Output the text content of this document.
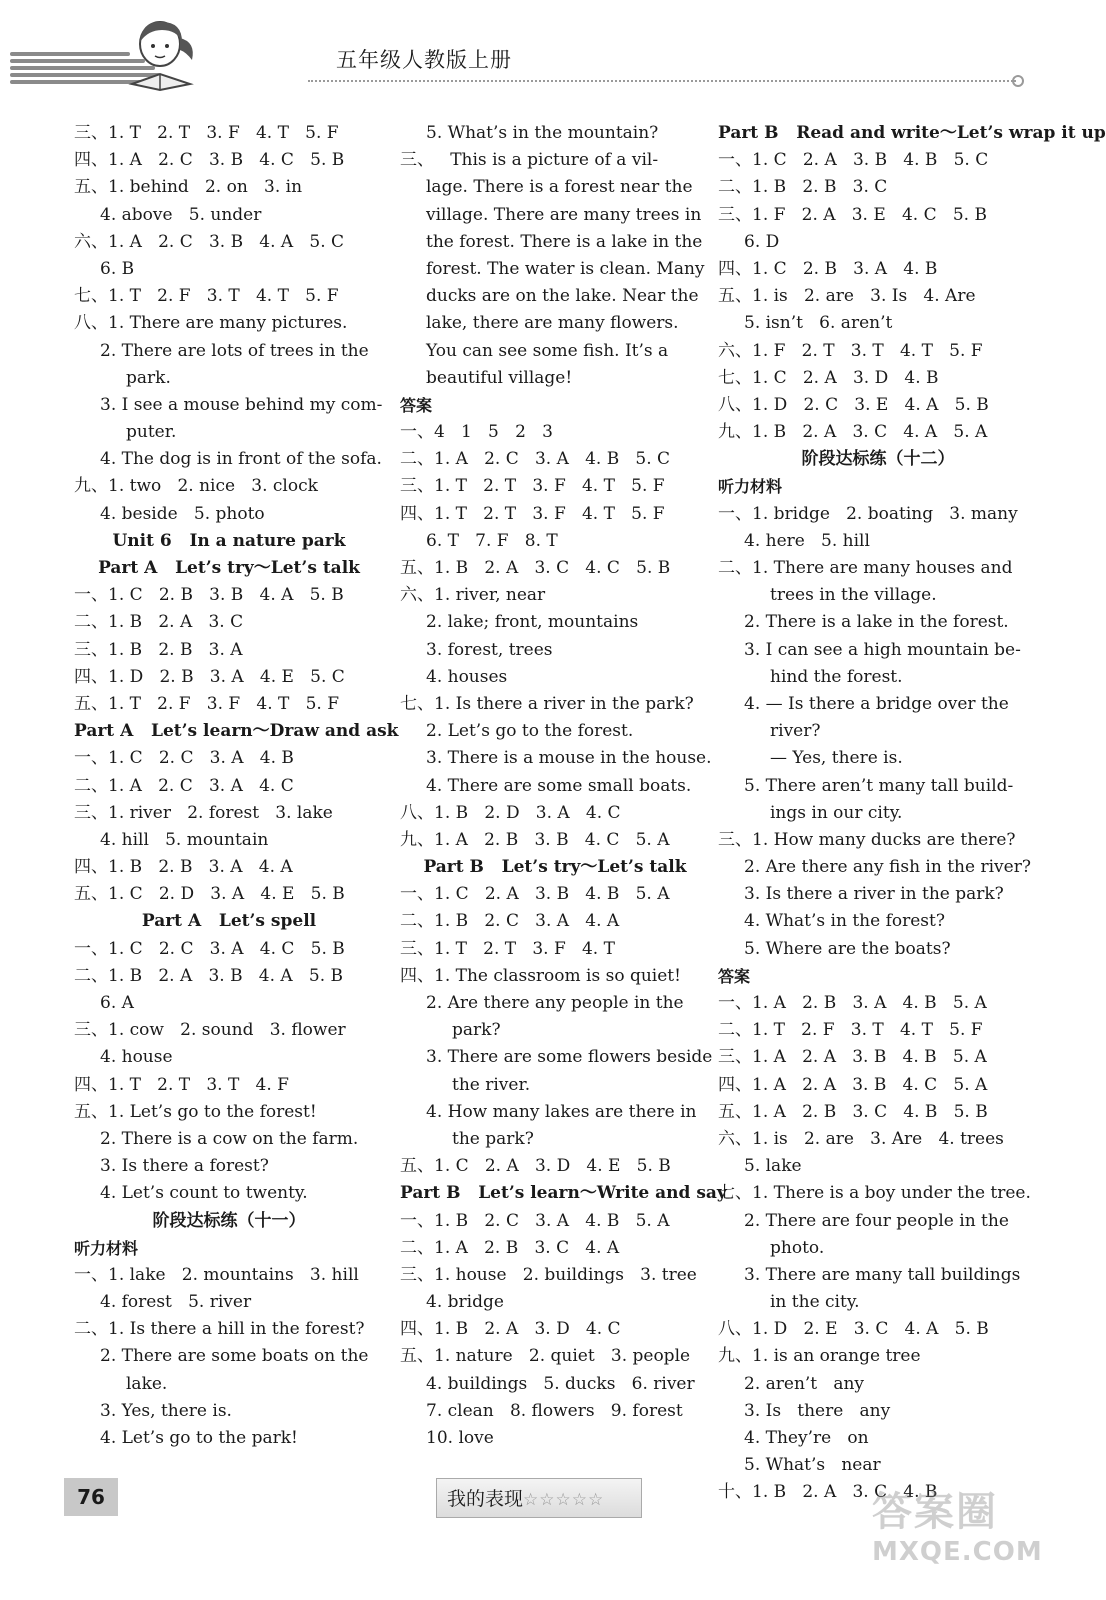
五年级人教版上册
三、1. T   2. T   3. F   4. T   5. F
四、1. A   2. C   3. B   4. C   5. B
五、1. behind   2. on   3. in
4. above   5. under
六、1. A   2. C   3. B   4. A   5. C
6. B
七、1. T   2. F   3. T   4. T   5. F
八、1. There are many pictures.
2. There are lots of trees in the
park.
3. I see a mouse behind my com-
puter.
4. The dog is in front of the sofa.
九、1. two   2. nice   3. clock
4. beside   5. photo
Unit 6   In a nature park
Part A   Let’s try～Let’s talk
一、1. C   2. B   3. B   4. A   5. B
二、1. B   2. A   3. C
三、1. B   2. B   3. A
四、1. D   2. B   3. A   4. E   5. C
五、1. T   2. F   3. F   4. T   5. F
Part A   Let’s learn～Draw and ask
一、1. C   2. C   3. A   4. B
二、1. A   2. C   3. A   4. C
三、1. river   2. forest   3. lake
4. hill   5. mountain
四、1. B   2. B   3. A   4. A
五、1. C   2. D   3. A   4. E   5. B
Part A   Let’s spell
一、1. C   2. C   3. A   4. C   5. B
二、1. B   2. A   3. B   4. A   5. B
6. A
三、1. cow   2. sound   3. flower
4. house
四、1. T   2. T   3. T   4. F
五、1. Let’s go to the forest!
2. There is a cow on the farm.
3. Is there a forest?
4. Let’s count to twenty.
阶段达标练（十一）
听力材料
一、1. lake   2. mountains   3. hill
4. forest   5. river
二、1. Is there a hill in the forest?
2. There are some boats on the
lake.
3. Yes, there is.
4. Let’s go to the park!
5. What’s in the mountain?
三、   This is a picture of a vil-
lage. There is a forest near the
village. There are many trees in
the forest. There is a lake in the
forest. The water is clean. Many
ducks are on the lake. Near the
lake, there are many flowers.
You can see some fish. It’s a
beautiful village!
答案
一、4   1   5   2   3
二、1. A   2. C   3. A   4. B   5. C
三、1. T   2. T   3. F   4. T   5. F
四、1. T   2. T   3. F   4. T   5. F
6. T   7. F   8. T
五、1. B   2. A   3. C   4. C   5. B
六、1. river, near
2. lake; front, mountains
3. forest, trees
4. houses
七、1. Is there a river in the park?
2. Let’s go to the forest.
3. There is a mouse in the house.
4. There are some small boats.
八、1. B   2. D   3. A   4. C
九、1. A   2. B   3. B   4. C   5. A
Part B   Let’s try～Let’s talk
一、1. C   2. A   3. B   4. B   5. A
二、1. B   2. C   3. A   4. A
三、1. T   2. T   3. F   4. T
四、1. The classroom is so quiet!
2. Are there any people in the
park?
3. There are some flowers beside
the river.
4. How many lakes are there in
the park?
五、1. C   2. A   3. D   4. E   5. B
Part B   Let’s learn～Write and say
一、1. B   2. C   3. A   4. B   5. A
二、1. A   2. B   3. C   4. A
三、1. house   2. buildings   3. tree
4. bridge
四、1. B   2. A   3. D   4. C
五、1. nature   2. quiet   3. people
4. buildings   5. ducks   6. river
7. clean   8. flowers   9. forest
10. love
Part B   Read and write～Let’s wrap it up
一、1. C   2. A   3. B   4. B   5. C
二、1. B   2. B   3. C
三、1. F   2. A   3. E   4. C   5. B
6. D
四、1. C   2. B   3. A   4. B
五、1. is   2. are   3. Is   4. Are
5. isn’t   6. aren’t
六、1. F   2. T   3. T   4. T   5. F
七、1. C   2. A   3. D   4. B
八、1. D   2. C   3. E   4. A   5. B
九、1. B   2. A   3. C   4. A   5. A
阶段达标练（十二）
听力材料
一、1. bridge   2. boating   3. many
4. here   5. hill
二、1. There are many houses and
trees in the village.
2. There is a lake in the forest.
3. I can see a high mountain be-
hind the forest.
4. — Is there a bridge over the
river?
— Yes, there is.
5. There aren’t many tall build-
ings in our city.
三、1. How many ducks are there?
2. Are there any fish in the river?
3. Is there a river in the park?
4. What’s in the forest?
5. Where are the boats?
答案
一、1. A   2. B   3. A   4. B   5. A
二、1. T   2. F   3. T   4. T   5. F
三、1. A   2. A   3. B   4. B   5. A
四、1. A   2. A   3. B   4. C   5. A
五、1. A   2. B   3. C   4. B   5. B
六、1. is   2. are   3. Are   4. trees
5. lake
七、1. There is a boy under the tree.
2. There are four people in the
photo.
3. There are many tall buildings
in the city.
八、1. D   2. E   3. C   4. A   5. B
九、1. is an orange tree
2. aren’t   any
3. Is   there   any
4. They’re   on
5. What’s   near
十、1. B   2. A   3. C   4. B
76	我的表现☆☆☆☆☆	答案圈
MXQE.COM
